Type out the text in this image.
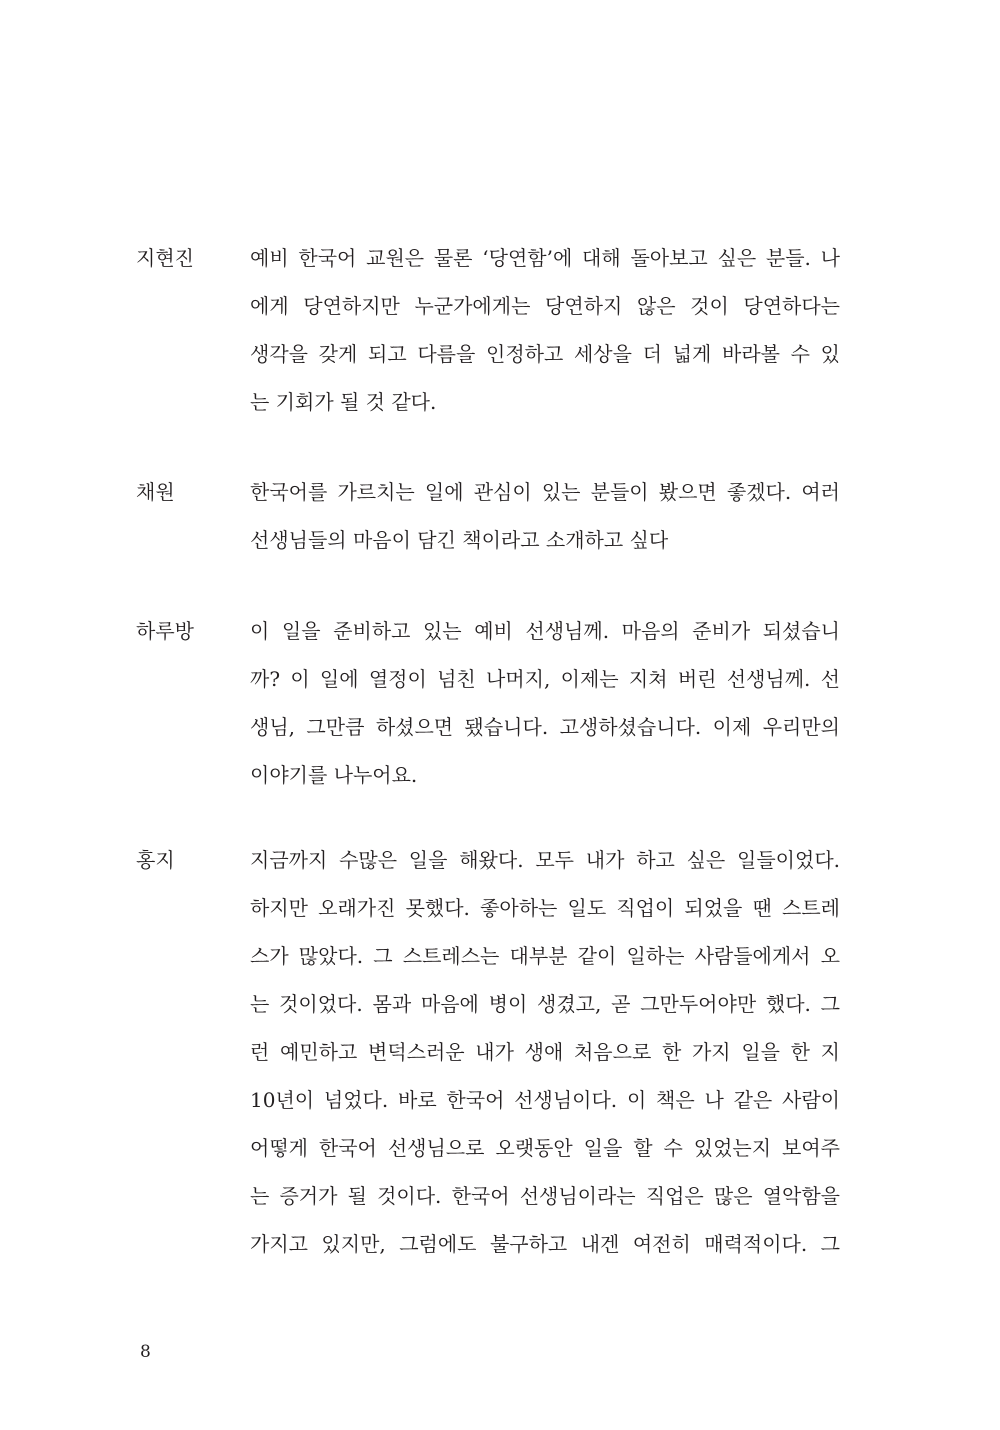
지현진	예비 한국어 교원은 물론 ‘당연함’에 대해 돌아보고 싶은 분들. 나
에게 당연하지만 누군가에게는 당연하지 않은 것이 당연하다는
생각을 갖게 되고 다름을 인정하고 세상을 더 넓게 바라볼 수 있
는 기회가 될 것 같다.
채원	한국어를 가르치는 일에 관심이 있는 분들이 봤으면 좋겠다. 여러
선생님들의 마음이 담긴 책이라고 소개하고 싶다
하루방	이 일을 준비하고 있는 예비 선생님께. 마음의 준비가 되셨습니
까? 이 일에 열정이 넘친 나머지, 이제는 지쳐 버린 선생님께. 선
생님, 그만큼 하셨으면 됐습니다. 고생하셨습니다. 이제 우리만의
이야기를 나누어요.
홍지	지금까지 수많은 일을 해왔다. 모두 내가 하고 싶은 일들이었다.
하지만 오래가진 못했다. 좋아하는 일도 직업이 되었을 땐 스트레
스가 많았다. 그 스트레스는 대부분 같이 일하는 사람들에게서 오
는 것이었다. 몸과 마음에 병이 생겼고, 곧 그만두어야만 했다. 그
런 예민하고 변덕스러운 내가 생애 처음으로 한 가지 일을 한 지
10년이 넘었다. 바로 한국어 선생님이다. 이 책은 나 같은 사람이
어떻게 한국어 선생님으로 오랫동안 일을 할 수 있었는지 보여주
는 증거가 될 것이다. 한국어 선생님이라는 직업은 많은 열악함을
가지고 있지만, 그럼에도 불구하고 내겐 여전히 매력적이다. 그
8
